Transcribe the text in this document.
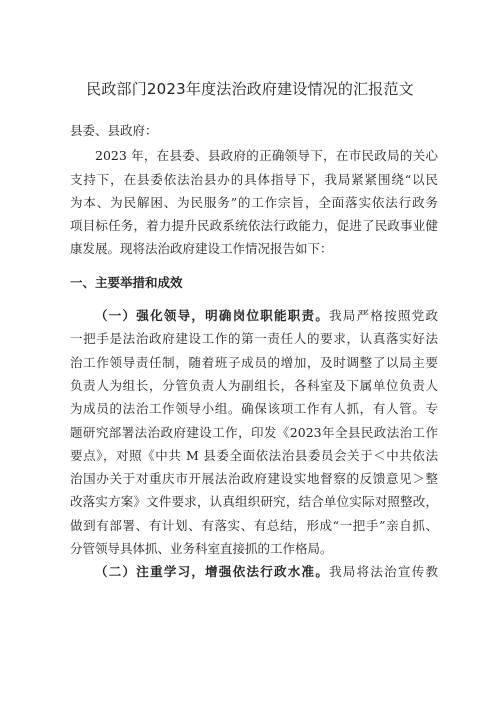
民政部门2023年度法治政府建设情况的汇报范文
县委、县政府：
2023 年，在县委、县政府的正确领导下，在市民政局的关心
支持下，在县委依法治县办的具体指导下，我局紧紧围绕“以民
为本、为民解困、为民服务”的工作宗旨，全面落实依法行政务
项目标任务，着力提升民政系统依法行政能力，促进了民政事业健
康发展。现将法治政府建设工作情况报告如下：
一、主要举措和成效
（一）强化领导，明确岗位职能职责。我局严格按照党政
一把手是法治政府建设工作的第一责任人的要求，认真落实好法
治工作领导责任制，随着班子成员的增加，及时调整了以局主要
负责人为组长，分管负责人为副组长，各科室及下属单位负责人
为成员的法治工作领导小组。确保该项工作有人抓，有人管。专
题研究部署法治政府建设工作，印发《2023年全县民政法治工作
要点》，对照《中共 M 县委全面依法治县委员会关于＜中共依法
治国办关于对重庆市开展法治政府建设实地督察的反馈意见＞整
改落实方案》文件要求，认真组织研究，结合单位实际对照整改，
做到有部署、有计划、有落实、有总结，形成“一把手”亲自抓、
分管领导具体抓、业务科室直接抓的工作格局。
（二）注重学习，增强依法行政水准。我局将法治宣传教
